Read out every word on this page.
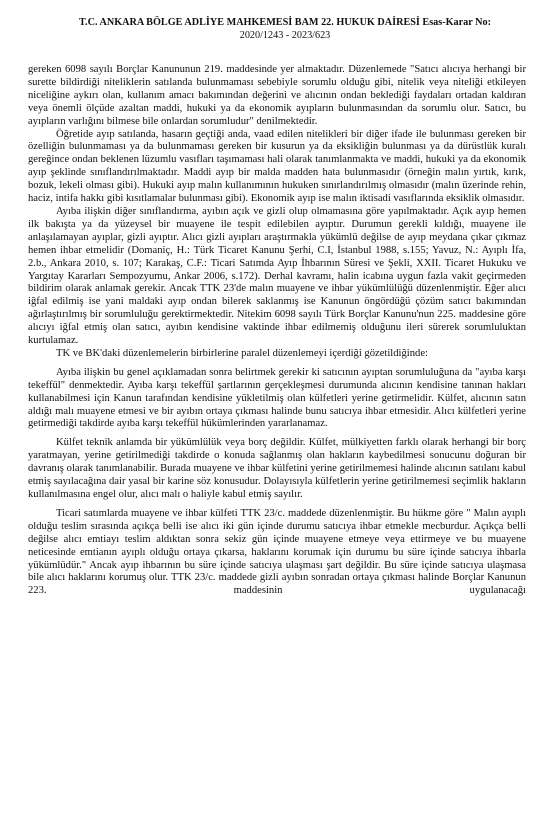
T.C. ANKARA BÖLGE ADLİYE MAHKEMESİ BAM 22. HUKUK DAİRESİ Esas-Karar No:
2020/1243 - 2023/623

gereken 6098 sayılı Borçlar Kanununun 219. maddesinde yer almaktadır. Düzenlemede "Satıcı alıcıya herhangi bir surette bildirdiği niteliklerin satılanda bulunmaması sebebiyle sorumlu olduğu gibi, nitelik veya niteliği etkileyen niceliğine aykırı olan, kullanım amacı bakımından değerini ve alıcının ondan beklediği faydaları ortadan kaldıran veya önemli ölçüde azaltan maddi, hukuki ya da ekonomik ayıpların bulunmasından da sorumlu olur. Satıcı, bu ayıpların varlığını bilmese bile onlardan sorumludur" denilmektedir.

Öğretide ayıp satılanda, hasarın geçtiği anda, vaad edilen nitelikleri bir diğer ifade ile bulunması gereken bir özelliğin bulunmaması ya da bulunmaması gereken bir kusurun ya da eksikliğin bulunması ya da dürüstlük kuralı gereğince ondan beklenen lüzumlu vasıfları taşımaması hali olarak tanımlanmakta ve maddi, hukuki ya da ekonomik ayıp şeklinde sınıflandırılmaktadır. Maddi ayıp bir malda madden hata bulunmasıdır (örneğin malın yırtık, kırık, bozuk, lekeli olması gibi). Hukuki ayıp malın kullanımının hukuken sınırlandırılmış olmasıdır (malın üzerinde rehin, haciz, intifa hakkı gibi kısıtlamalar bulunması gibi). Ekonomik ayıp ise malın iktisadi vasıflarında eksiklik olmasıdır.

Ayıba ilişkin diğer sınıflandırma, ayıbın açık ve gizli olup olmamasına göre yapılmaktadır. Açık ayıp hemen ilk bakışta ya da yüzeysel bir muayene ile tespit edilebilen ayıptır. Durumun gerekli kıldığı, muayene ile anlaşılamayan ayıplar, gizli ayıptır. Alıcı gizli ayıpları araştırmakla yükümlü değilse de ayıp meydana çıkar çıkmaz hemen ihbar etmelidir (Domaniç, H.: Türk Ticaret Kanunu Şerhi, C.I, İstanbul 1988, s.155; Yavuz, N.: Ayıplı İfa, 2.b., Ankara 2010, s. 107; Karakaş, C.F.: Ticari Satımda Ayıp İhbarının Süresi ve Şekli, XXII. Ticaret Hukuku ve Yargıtay Kararları Sempozyumu, Ankar 2006, s.172). Derhal kavramı, halin icabına uygun fazla vakit geçirmeden bildirim olarak anlamak gerekir. Ancak TTK 23'de malın muayene ve ihbar yükümlülüğü düzenlenmiştir. Eğer alıcı iğfal edilmiş ise yani maldaki ayıp ondan bilerek saklanmış ise Kanunun öngördüğü çözüm satıcı bakımından ağırlaştırılmış bir sorumluluğu gerektirmektedir. Nitekim 6098 sayılı Türk Borçlar Kanunu'nun 225. maddesine göre alıcıyı iğfal etmiş olan satıcı, ayıbın kendisine vaktinde ihbar edilmemiş olduğunu ileri sürerek sorumluluktan kurtulamaz.

TK ve BK'daki düzenlemelerin birbirlerine paralel düzenlemeyi içerdiği gözetildiğinde:

Ayıba ilişkin bu genel açıklamadan sonra belirtmek gerekir ki satıcının ayıptan sorumluluğuna da "ayıba karşı tekeffül" denmektedir. Ayıba karşı tekeffül şartlarının gerçekleşmesi durumunda alıcının kendisine tanınan hakları kullanabilmesi için Kanun tarafından kendisine yükletilmiş olan külfetleri yerine getirmelidir. Külfet, alıcının satın aldığı malı muayene etmesi ve bir ayıbın ortaya çıkması halinde bunu satıcıya ihbar etmesidir. Alıcı külfetleri yerine getirmediği takdirde ayıba karşı tekeffül hükümlerinden yararlanamaz.

Külfet teknik anlamda bir yükümlülük veya borç değildir. Külfet, mülkiyetten farklı olarak herhangi bir borç yaratmayan, yerine getirilmediği takdirde o konuda sağlanmış olan hakların kaybedilmesi sonucunu doğuran bir davranış olarak tanımlanabilir. Burada muayene ve ihbar külfetini yerine getirilmemesi halinde alıcının satılanı kabul etmiş sayılacağına dair yasal bir karine söz konusudur. Dolayısıyla külfetlerin yerine getirilmemesi seçimlik hakların kullanılmasına engel olur, alıcı malı o haliyle kabul etmiş sayılır.

Ticari satımlarda muayene ve ihbar külfeti TTK 23/c. maddede düzenlenmiştir. Bu hükme göre " Malın ayıplı olduğu teslim sırasında açıkça belli ise alıcı iki gün içinde durumu satıcıya ihbar etmekle mecburdur. Açıkça belli değilse alıcı emtiayı teslim aldıktan sonra sekiz gün içinde muayene etmeye veya ettirmeye ve bu muayene neticesinde emtianın ayıplı olduğu ortaya çıkarsa, haklarını korumak için durumu bu süre içinde satıcıya ihbarla yükümlüdür." Ancak ayıp ihbarının bu süre içinde satıcıya ulaşması şart değildir. Bu süre içinde satıcıya ulaşmasa bile alıcı haklarını korumuş olur. TTK 23/c. maddede gizli ayıbın sonradan ortaya çıkması halinde Borçlar Kanunun 223. maddesinin uygulanacağı
